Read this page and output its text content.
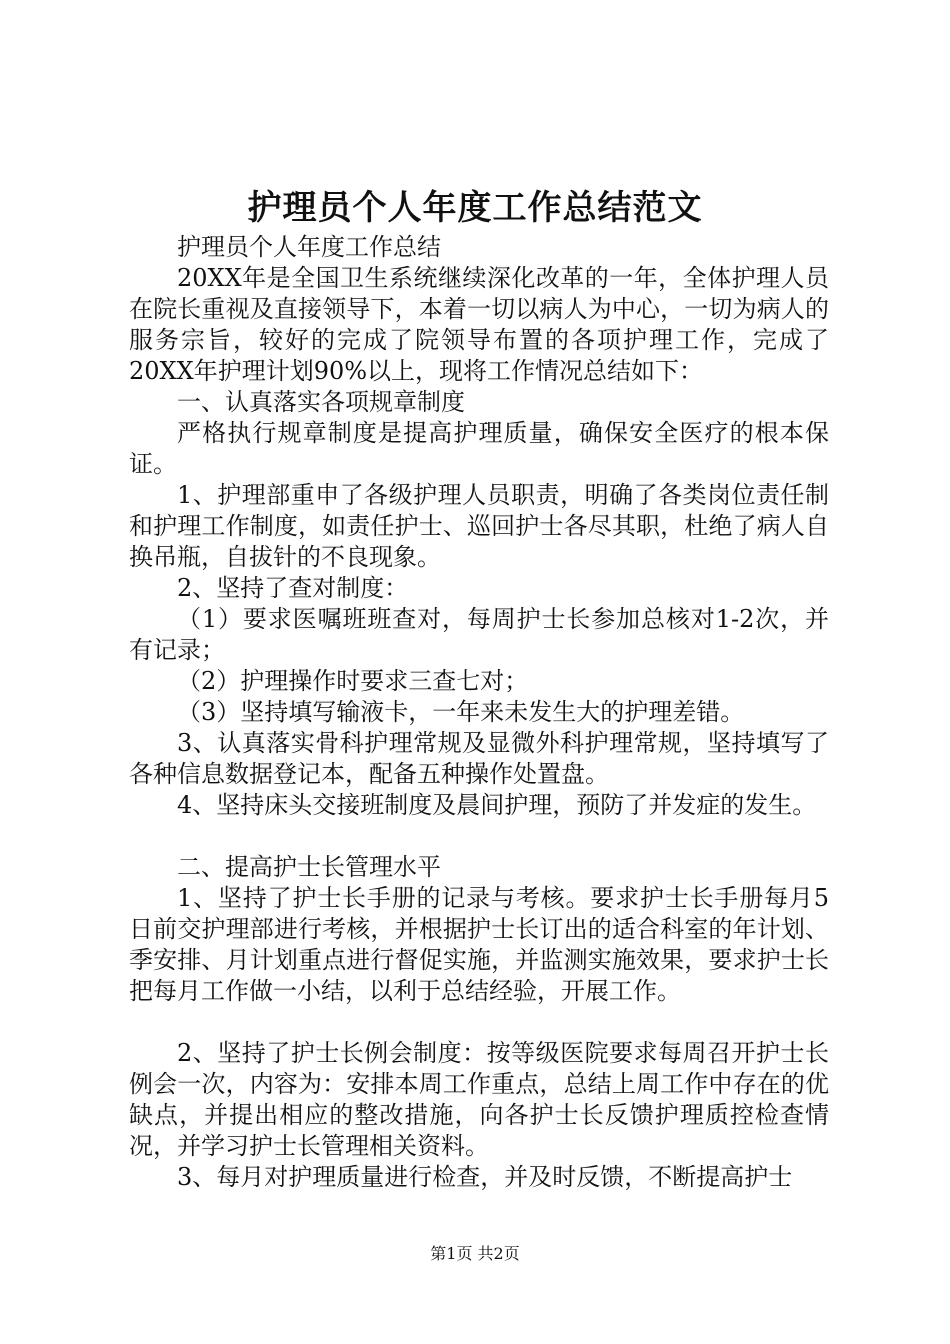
护理员个人年度工作总结范文

护理员个人年度工作总结

20XX年是全国卫生系统继续深化改革的一年，全体护理人员在院长重视及直接领导下，本着一切以病人为中心，一切为病人的服务宗旨，较好的完成了院领导布置的各项护理工作，完成了20XX年护理计划90%以上，现将工作情况总结如下：

一、认真落实各项规章制度

严格执行规章制度是提高护理质量，确保安全医疗的根本保证。

1、护理部重申了各级护理人员职责，明确了各类岗位责任制和护理工作制度，如责任护士、巡回护士各尽其职，杜绝了病人自换吊瓶，自拔针的不良现象。

2、坚持了查对制度：

（1）要求医嘱班班查对，每周护士长参加总核对1-2次，并有记录；

（2）护理操作时要求三查七对；

（3）坚持填写输液卡，一年来未发生大的护理差错。

3、认真落实骨科护理常规及显微外科护理常规，坚持填写了各种信息数据登记本，配备五种操作处置盘。

4、坚持床头交接班制度及晨间护理，预防了并发症的发生。

二、提高护士长管理水平

1、坚持了护士长手册的记录与考核。要求护士长手册每月5日前交护理部进行考核，并根据护士长订出的适合科室的年计划、季安排、月计划重点进行督促实施，并监测实施效果，要求护士长把每月工作做一小结，以利于总结经验，开展工作。

2、坚持了护士长例会制度：按等级医院要求每周召开护士长例会一次，内容为：安排本周工作重点，总结上周工作中存在的优缺点，并提出相应的整改措施，向各护士长反馈护理质控检查情况，并学习护士长管理相关资料。

3、每月对护理质量进行检查，并及时反馈，不断提高护士

第1页 共2页
